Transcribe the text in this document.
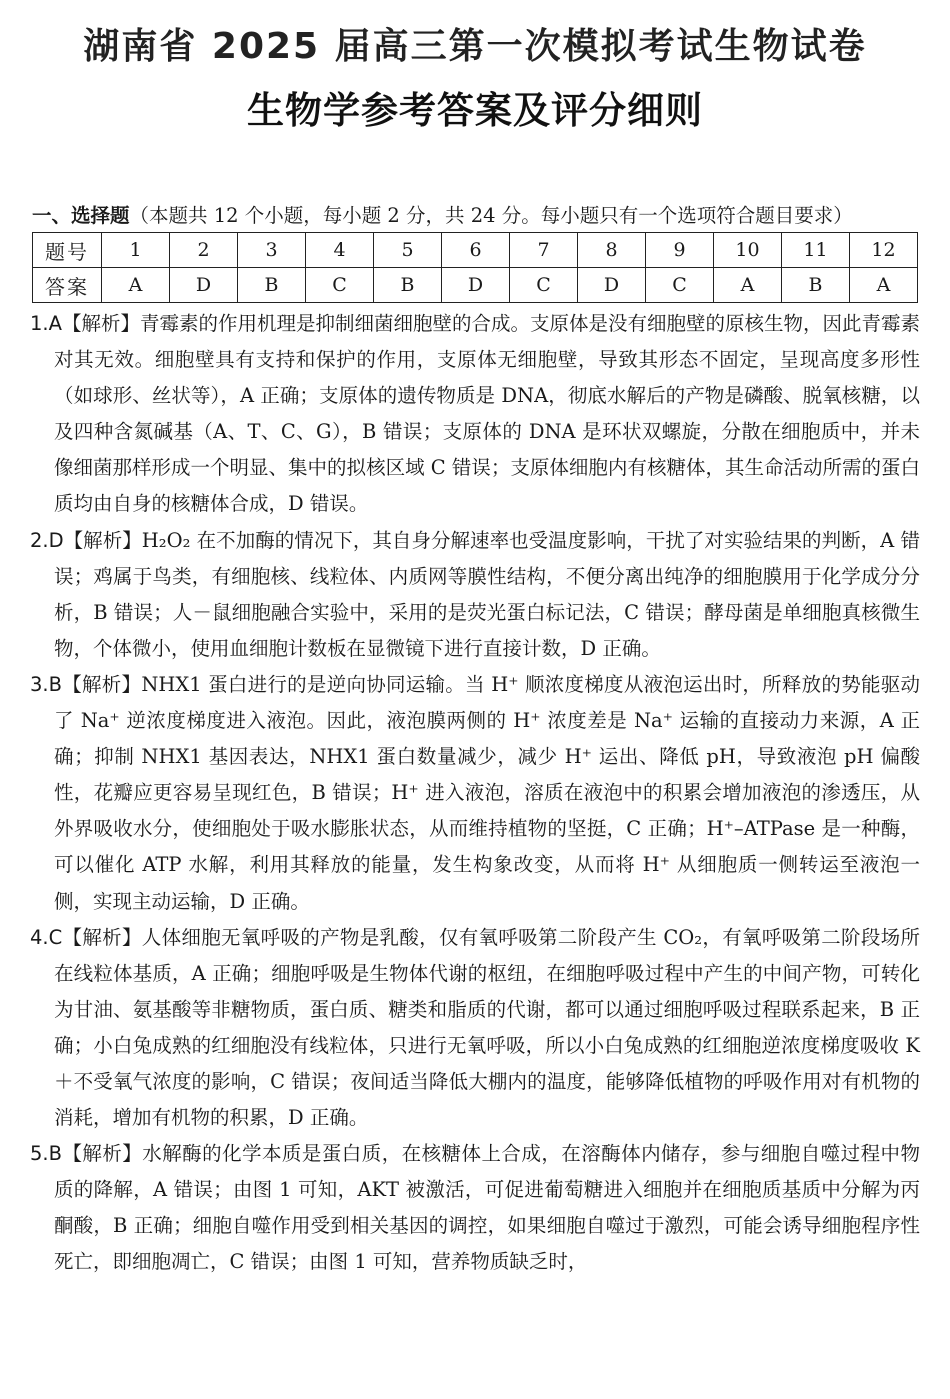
湖南省 2025 届高三第一次模拟考试生物试卷
生物学参考答案及评分细则
一、选择题（本题共 12 个小题，每小题 2 分，共 24 分。每小题只有一个选项符合题目要求）
题号	1	2	3	4	5	6	7	8	9	10	11	12
答案	A	D	B	C	B	D	C	D	C	A	B	A

1.A【解析】青霉素的作用机理是抑制细菌细胞壁的合成。支原体是没有细胞壁的原核生物，因此青霉素对其无效。细胞壁具有支持和保护的作用，支原体无细胞壁，导致其形态不固定，呈现高度多形性（如球形、丝状等），A 正确；支原体的遗传物质是 DNA，彻底水解后的产物是磷酸、脱氧核糖，以及四种含氮碱基（A、T、C、G），B 错误；支原体的 DNA 是环状双螺旋，分散在细胞质中，并未像细菌那样形成一个明显、集中的拟核区域 C 错误；支原体细胞内有核糖体，其生命活动所需的蛋白质均由自身的核糖体合成，D 错误。

2.D【解析】H₂O₂ 在不加酶的情况下，其自身分解速率也受温度影响，干扰了对实验结果的判断，A 错误；鸡属于鸟类，有细胞核、线粒体、内质网等膜性结构，不便分离出纯净的细胞膜用于化学成分分析，B 错误；人－鼠细胞融合实验中，采用的是荧光蛋白标记法，C 错误；酵母菌是单细胞真核微生物，个体微小，使用血细胞计数板在显微镜下进行直接计数，D 正确。

3.B【解析】NHX1 蛋白进行的是逆向协同运输。当 H⁺ 顺浓度梯度从液泡运出时，所释放的势能驱动了 Na⁺ 逆浓度梯度进入液泡。因此，液泡膜两侧的 H⁺ 浓度差是 Na⁺ 运输的直接动力来源，A 正确；抑制 NHX1 基因表达，NHX1 蛋白数量减少，减少 H⁺ 运出、降低 pH，导致液泡 pH 偏酸性，花瓣应更容易呈现红色，B 错误；H⁺ 进入液泡，溶质在液泡中的积累会增加液泡的渗透压，从外界吸收水分，使细胞处于吸水膨胀状态，从而维持植物的坚挺，C 正确；H⁺–ATPase 是一种酶，可以催化 ATP 水解，利用其释放的能量，发生构象改变，从而将 H⁺ 从细胞质一侧转运至液泡一侧，实现主动运输，D 正确。

4.C【解析】人体细胞无氧呼吸的产物是乳酸，仅有氧呼吸第二阶段产生 CO₂，有氧呼吸第二阶段场所在线粒体基质，A 正确；细胞呼吸是生物体代谢的枢纽，在细胞呼吸过程中产生的中间产物，可转化为甘油、氨基酸等非糖物质，蛋白质、糖类和脂质的代谢，都可以通过细胞呼吸过程联系起来，B 正确；小白兔成熟的红细胞没有线粒体，只进行无氧呼吸，所以小白兔成熟的红细胞逆浓度梯度吸收 K ＋不受氧气浓度的影响，C 错误；夜间适当降低大棚内的温度，能够降低植物的呼吸作用对有机物的消耗，增加有机物的积累，D 正确。

5.B【解析】水解酶的化学本质是蛋白质，在核糖体上合成，在溶酶体内储存，参与细胞自噬过程中物质的降解，A 错误；由图 1 可知，AKT 被激活，可促进葡萄糖进入细胞并在细胞质基质中分解为丙酮酸，B 正确；细胞自噬作用受到相关基因的调控，如果细胞自噬过于激烈，可能会诱导细胞程序性死亡，即细胞凋亡，C 错误；由图 1 可知，营养物质缺乏时，
